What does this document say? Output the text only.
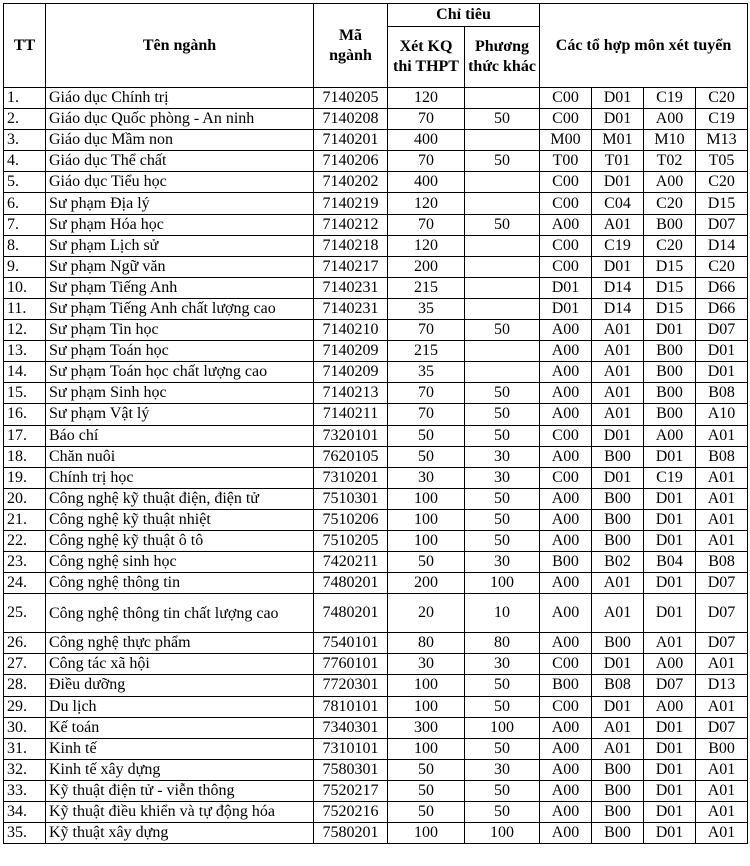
TT	Tên ngành	Mã ngành	Chỉ tiêu		Các tổ hợp môn xét tuyển			
			Xét KQ thi THPT	Phương thức khác				
1.	Giáo dục Chính trị	7140205	120		C00	D01	C19	C20
2.	Giáo dục Quốc phòng - An ninh	7140208	70	50	C00	D01	A00	C19
3.	Giáo dục Mầm non	7140201	400		M00	M01	M10	M13
4.	Giáo dục Thể chất	7140206	70	50	T00	T01	T02	T05
5.	Giáo dục Tiểu học	7140202	400		C00	D01	A00	C20
6.	Sư phạm Địa lý	7140219	120		C00	C04	C20	D15
7.	Sư phạm Hóa học	7140212	70	50	A00	A01	B00	D07
8.	Sư phạm Lịch sử	7140218	120		C00	C19	C20	D14
9.	Sư phạm Ngữ văn	7140217	200		C00	D01	D15	C20
10.	Sư phạm Tiếng Anh	7140231	215		D01	D14	D15	D66
11.	Sư phạm Tiếng Anh chất lượng cao	7140231	35		D01	D14	D15	D66
12.	Sư phạm Tin học	7140210	70	50	A00	A01	D01	D07
13.	Sư phạm Toán học	7140209	215		A00	A01	B00	D01
14.	Sư phạm Toán học chất lượng cao	7140209	35		A00	A01	B00	D01
15.	Sư phạm Sinh học	7140213	70	50	A00	A01	B00	B08
16.	Sư phạm Vật lý	7140211	70	50	A00	A01	B00	A10
17.	Báo chí	7320101	50	50	C00	D01	A00	A01
18.	Chăn nuôi	7620105	50	30	A00	B00	D01	B08
19.	Chính trị học	7310201	30	30	C00	D01	C19	A01
20.	Công nghệ kỹ thuật điện, điện tử	7510301	100	50	A00	B00	D01	A01
21.	Công nghệ kỹ thuật nhiệt	7510206	100	50	A00	B00	D01	A01
22.	Công nghệ kỹ thuật ô tô	7510205	100	50	A00	B00	D01	A01
23.	Công nghệ sinh học	7420211	50	30	B00	B02	B04	B08
24.	Công nghệ thông tin	7480201	200	100	A00	A01	D01	D07
25.	Công nghệ thông tin chất lượng cao	7480201	20	10	A00	A01	D01	D07
26.	Công nghệ thực phẩm	7540101	80	80	A00	B00	A01	D07
27.	Công tác xã hội	7760101	30	30	C00	D01	A00	A01
28.	Điều dưỡng	7720301	100	50	B00	B08	D07	D13
29.	Du lịch	7810101	100	50	C00	D01	A00	A01
30.	Kế toán	7340301	300	100	A00	A01	D01	D07
31.	Kinh tế	7310101	100	50	A00	A01	D01	B00
32.	Kinh tế xây dựng	7580301	50	30	A00	B00	D01	A01
33.	Kỹ thuật điện tử - viễn thông	7520217	50	50	A00	B00	D01	A01
34.	Kỹ thuật điều khiển và tự động hóa	7520216	50	50	A00	B00	D01	A01
35.	Kỹ thuật xây dựng	7580201	100	100	A00	B00	D01	A01
